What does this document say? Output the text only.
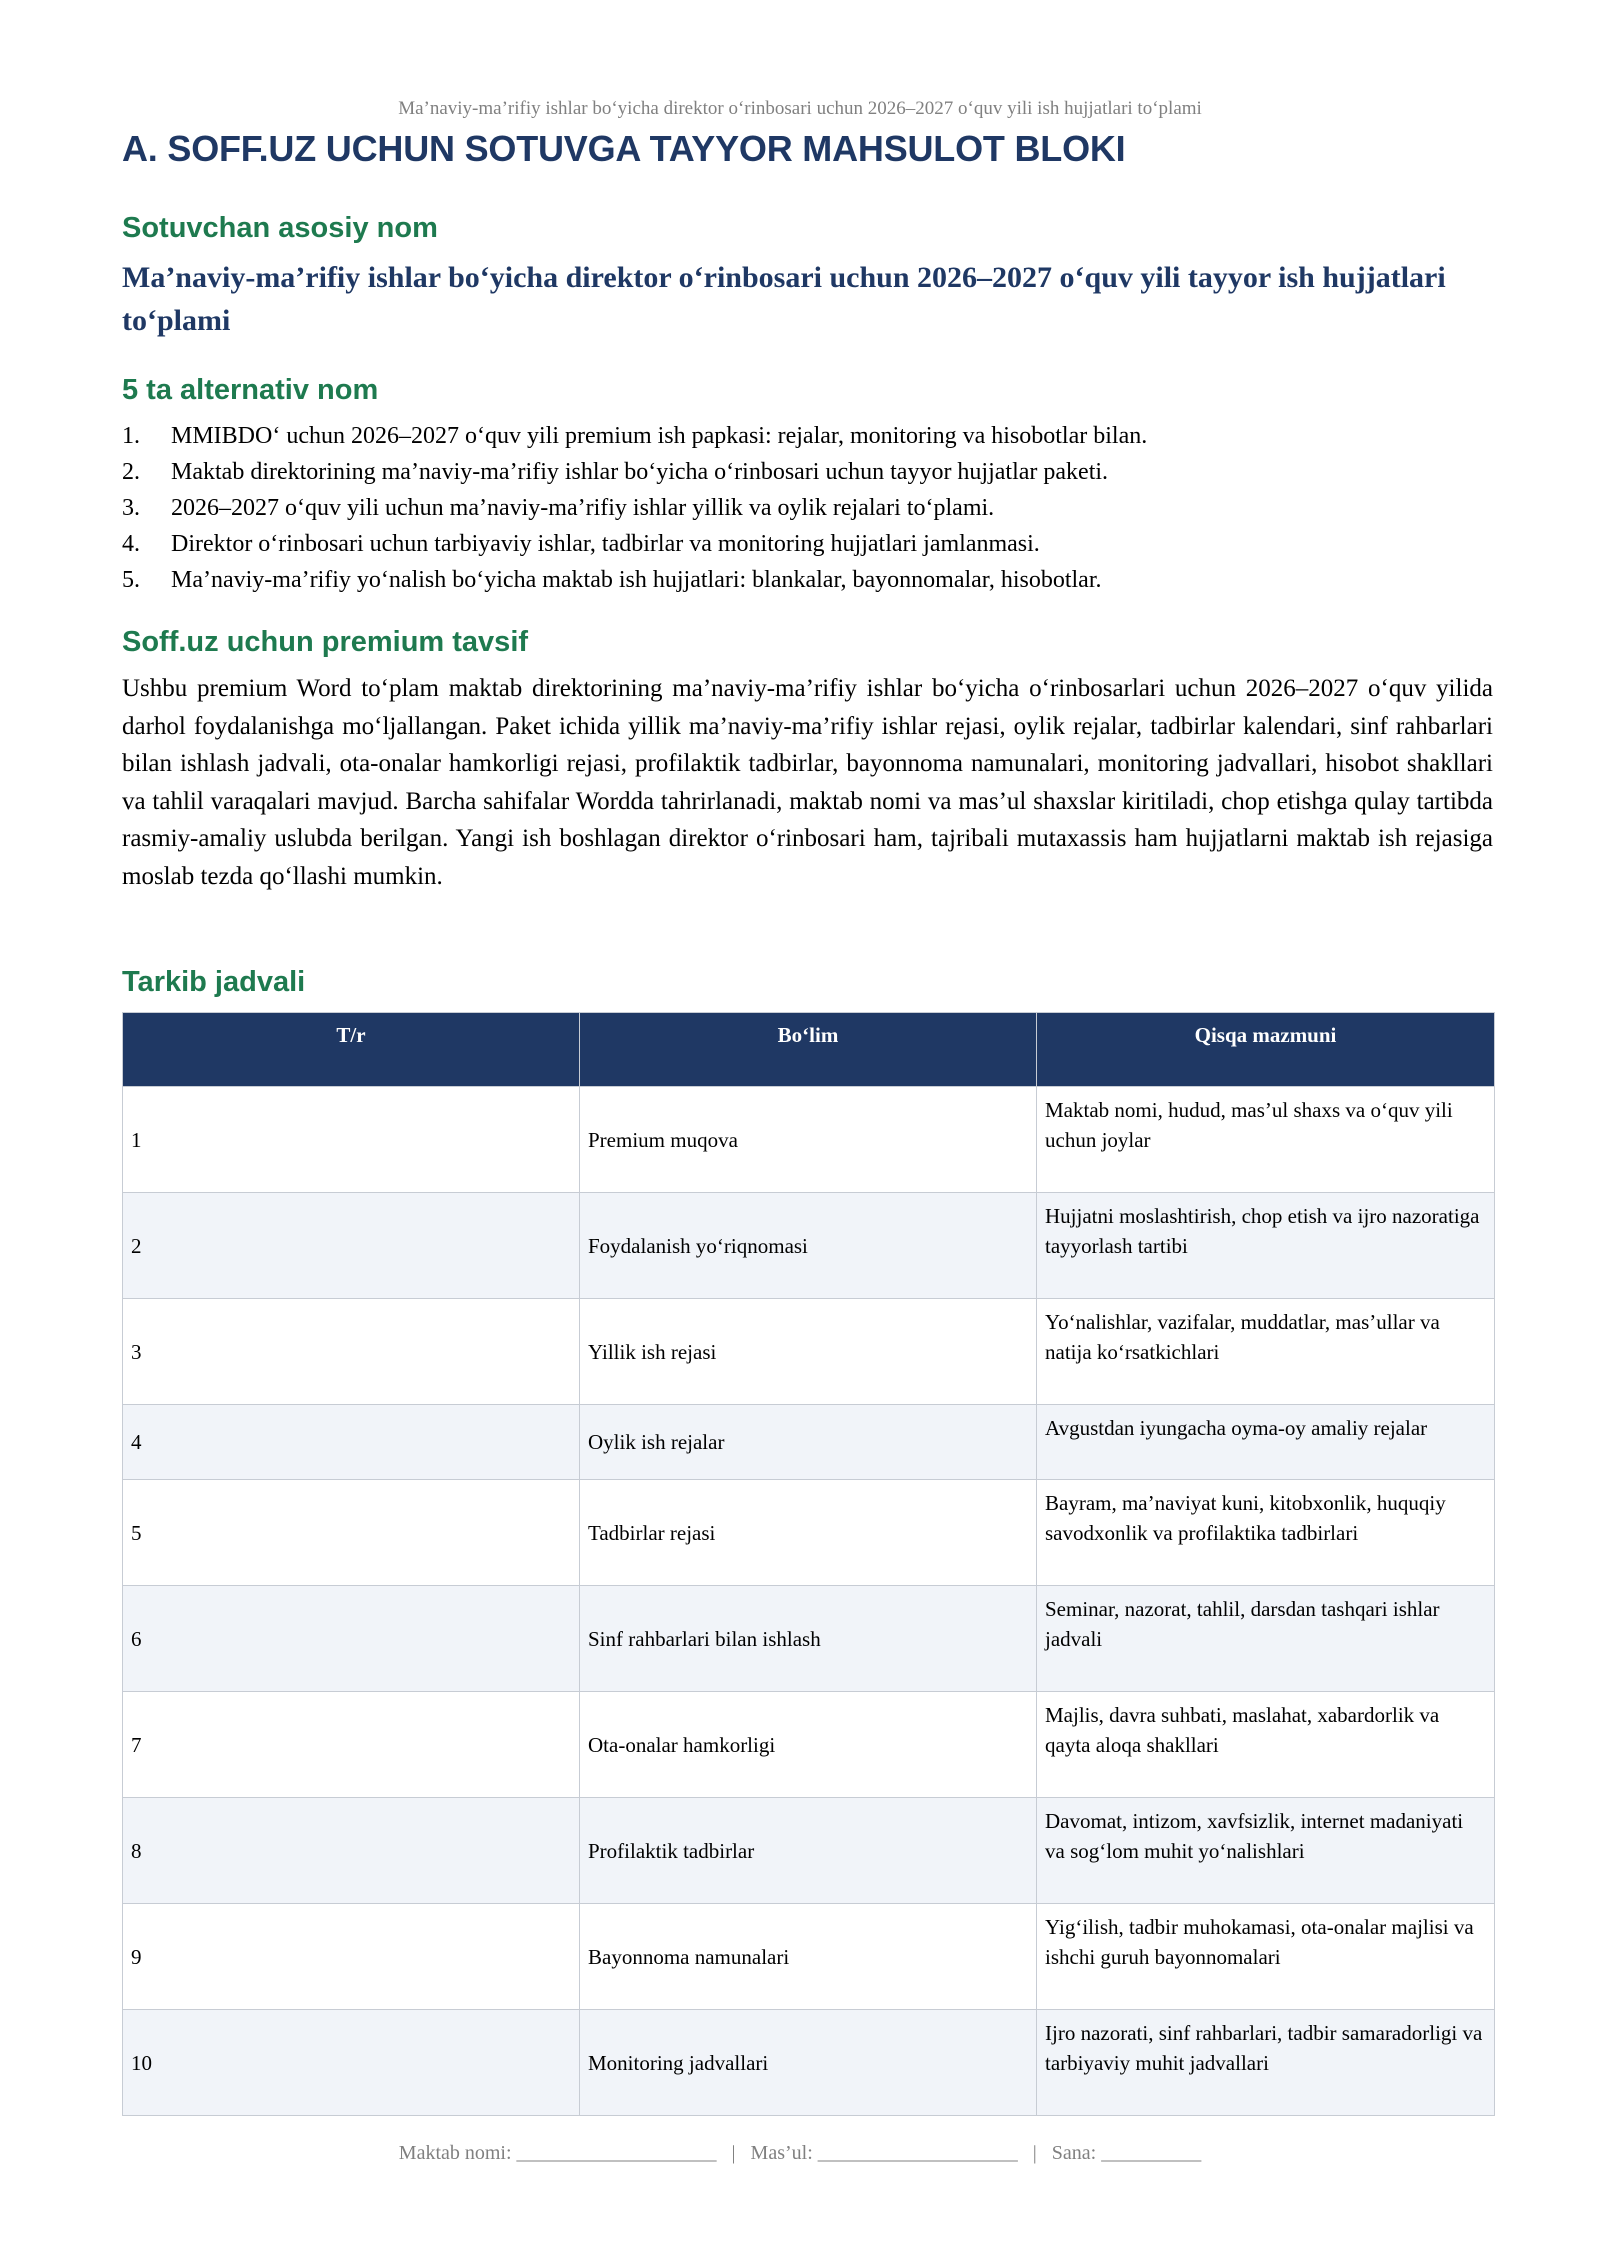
Ma’naviy-ma’rifiy ishlar bo‘yicha direktor o‘rinbosari uchun 2026–2027 o‘quv yili ish hujjatlari to‘plami
A. SOFF.UZ UCHUN SOTUVGA TAYYOR MAHSULOT BLOKI
Sotuvchan asosiy nom

Ma’naviy-ma’rifiy ishlar bo‘yicha direktor o‘rinbosari uchun 2026–2027 o‘quv yili tayyor ish hujjatlari to‘plami

5 ta alternativ nom
1.	MMIBDO‘ uchun 2026–2027 o‘quv yili premium ish papkasi: rejalar, monitoring va hisobotlar bilan.
2.	Maktab direktorining ma’naviy-ma’rifiy ishlar bo‘yicha o‘rinbosari uchun tayyor hujjatlar paketi.
3.	2026–2027 o‘quv yili uchun ma’naviy-ma’rifiy ishlar yillik va oylik rejalari to‘plami.
4.	Direktor o‘rinbosari uchun tarbiyaviy ishlar, tadbirlar va monitoring hujjatlari jamlanmasi.
5.	Ma’naviy-ma’rifiy yo‘nalish bo‘yicha maktab ish hujjatlari: blankalar, bayonnomalar, hisobotlar.
Soff.uz uchun premium tavsif

Ushbu premium Word to‘plam maktab direktorining ma’naviy-ma’rifiy ishlar bo‘yicha o‘rinbosarlari uchun 2026–2027 o‘quv yilida darhol foydalanishga mo‘ljallangan. Paket ichida yillik ma’naviy-ma’rifiy ishlar rejasi, oylik rejalar, tadbirlar kalendari, sinf rahbarlari bilan ishlash jadvali, ota-onalar hamkorligi rejasi, profilaktik tadbirlar, bayonnoma namunalari, monitoring jadvallari, hisobot shakllari va tahlil varaqalari mavjud. Barcha sahifalar Wordda tahrirlanadi, maktab nomi va mas’ul shaxslar kiritiladi, chop etishga qulay tartibda rasmiy-amaliy uslubda berilgan. Yangi ish boshlagan direktor o‘rinbosari ham, tajribali mutaxassis ham hujjatlarni maktab ish rejasiga moslab tezda qo‘llashi mumkin.

Tarkib jadvali
T/r	Bo‘lim	Qisqa mazmuni
1	Premium muqova	Maktab nomi, hudud, mas’ul shaxs va o‘quv yili uchun joylar
2	Foydalanish yo‘riqnomasi	Hujjatni moslashtirish, chop etish va ijro nazoratiga tayyorlash tartibi
3	Yillik ish rejasi	Yo‘nalishlar, vazifalar, muddatlar, mas’ullar va natija ko‘rsatkichlari
4	Oylik ish rejalar	Avgustdan iyungacha oyma-oy amaliy rejalar
5	Tadbirlar rejasi	Bayram, ma’naviyat kuni, kitobxonlik, huquqiy savodxonlik va profilaktika tadbirlari
6	Sinf rahbarlari bilan ishlash	Seminar, nazorat, tahlil, darsdan tashqari ishlar jadvali
7	Ota-onalar hamkorligi	Majlis, davra suhbati, maslahat, xabardorlik va qayta aloqa shakllari
8	Profilaktik tadbirlar	Davomat, intizom, xavfsizlik, internet madaniyati va sog‘lom muhit yo‘nalishlari
9	Bayonnoma namunalari	Yig‘ilish, tadbir muhokamasi, ota-onalar majlisi va ishchi guruh bayonnomalari
10	Monitoring jadvallari	Ijro nazorati, sinf rahbarlari, tadbir samaradorligi va tarbiyaviy muhit jadvallari
Maktab nomi: ____________________   |   Mas’ul: ____________________   |   Sana: __________
